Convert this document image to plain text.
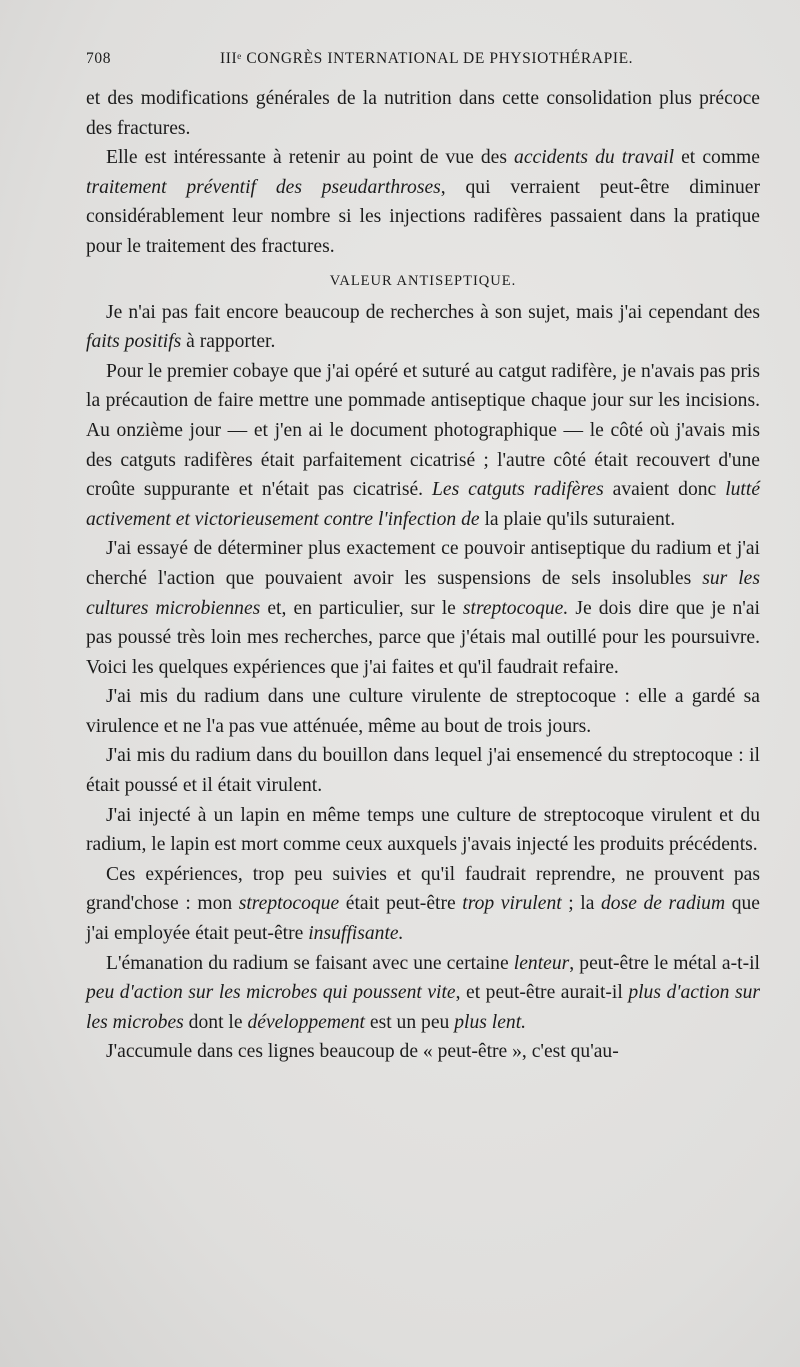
708	IIIᵉ CONGRÈS INTERNATIONAL DE PHYSIOTHÉRAPIE.

et des modifications générales de la nutrition dans cette consolidation plus précoce des fractures.

Elle est intéressante à retenir au point de vue des accidents du travail et comme traitement préventif des pseudarthroses, qui verraient peut-être diminuer considérablement leur nombre si les injections radifères passaient dans la pratique pour le traitement des fractures.

VALEUR ANTISEPTIQUE.

Je n'ai pas fait encore beaucoup de recherches à son sujet, mais j'ai cependant des faits positifs à rapporter.

Pour le premier cobaye que j'ai opéré et suturé au catgut radifère, je n'avais pas pris la précaution de faire mettre une pommade antiseptique chaque jour sur les incisions. Au onzième jour — et j'en ai le document photographique — le côté où j'avais mis des catguts radifères était parfaitement cicatrisé ; l'autre côté était recouvert d'une croûte suppurante et n'était pas cicatrisé. Les catguts radifères avaient donc lutté activement et victorieusement contre l'infection de la plaie qu'ils suturaient.

J'ai essayé de déterminer plus exactement ce pouvoir antiseptique du radium et j'ai cherché l'action que pouvaient avoir les suspensions de sels insolubles sur les cultures microbiennes et, en particulier, sur le streptocoque. Je dois dire que je n'ai pas poussé très loin mes recherches, parce que j'étais mal outillé pour les poursuivre. Voici les quelques expériences que j'ai faites et qu'il faudrait refaire.

J'ai mis du radium dans une culture virulente de streptocoque : elle a gardé sa virulence et ne l'a pas vue atténuée, même au bout de trois jours.

J'ai mis du radium dans du bouillon dans lequel j'ai ensemencé du streptocoque : il était poussé et il était virulent.

J'ai injecté à un lapin en même temps une culture de streptocoque virulent et du radium, le lapin est mort comme ceux auxquels j'avais injecté les produits précédents.

Ces expériences, trop peu suivies et qu'il faudrait reprendre, ne prouvent pas grand'chose : mon streptocoque était peut-être trop virulent ; la dose de radium que j'ai employée était peut-être insuffisante.

L'émanation du radium se faisant avec une certaine lenteur, peut-être le métal a-t-il peu d'action sur les microbes qui poussent vite, et peut-être aurait-il plus d'action sur les microbes dont le développement est un peu plus lent.

J'accumule dans ces lignes beaucoup de « peut-être », c'est qu'au-
